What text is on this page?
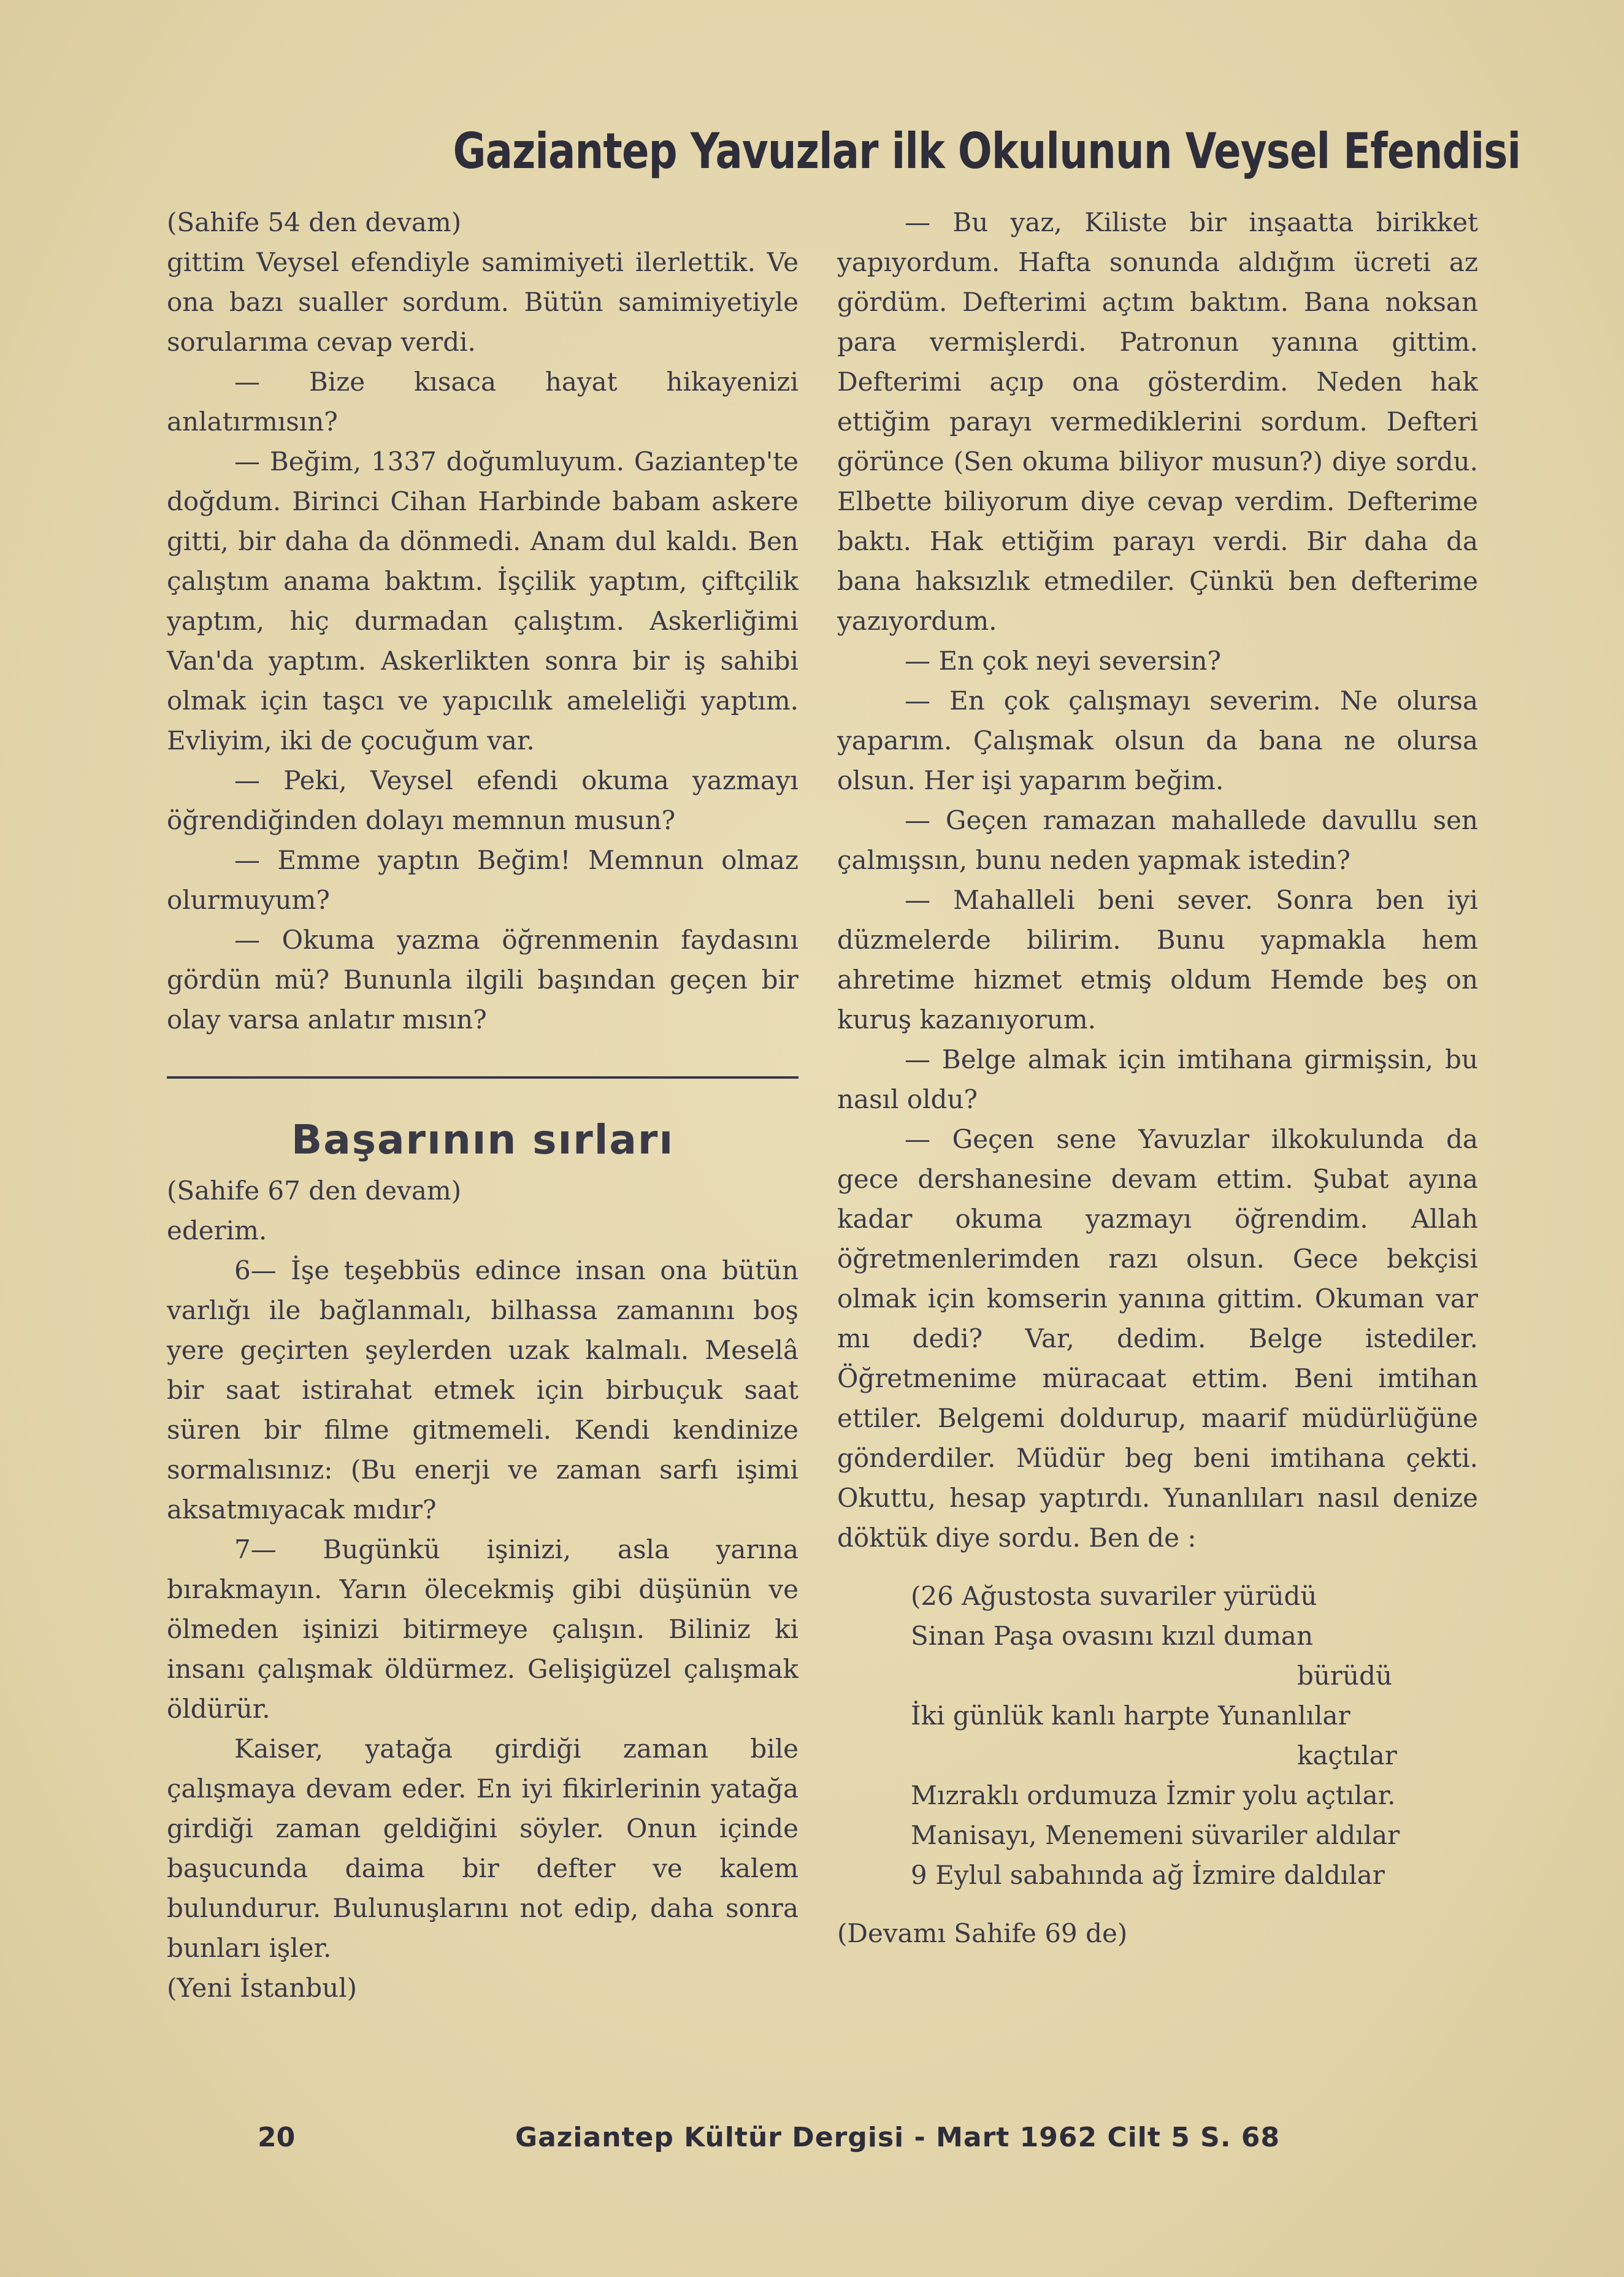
Gaziantep Yavuzlar ilk Okulunun Veysel Efendisi

(Sahife 54 den devam)

gittim Veysel efendiyle samimiyeti ilerlettik. Ve ona bazı sualler sordum. Bütün samimiyetiyle sorularıma cevap verdi.

— Bize kısaca hayat hikayenizi anlatırmısın?

— Beğim, 1337 doğumluyum. Gaziantep'te doğdum. Birinci Cihan Harbinde babam askere gitti, bir daha da dönmedi. Anam dul kaldı. Ben çalıştım anama baktım. İşçilik yaptım, çiftçilik yaptım, hiç durmadan çalıştım. Askerliğimi Van'da yaptım. Askerlikten sonra bir iş sahibi olmak için taşcı ve yapıcılık ameleliği yaptım. Evliyim, iki de çocuğum var.

— Peki, Veysel efendi okuma yazmayı öğrendiğinden dolayı memnun musun?

— Emme yaptın Beğim! Memnun olmaz olurmuyum?

— Okuma yazma öğrenmenin faydasını gördün mü? Bununla ilgili başından geçen bir olay varsa anlatır mısın?

Başarının sırları

(Sahife 67 den devam)

ederim.

6— İşe teşebbüs edince insan ona bütün varlığı ile bağlanmalı, bilhassa zamanını boş yere geçirten şeylerden uzak kalmalı. Meselâ bir saat istirahat etmek için birbuçuk saat süren bir filme gitmemeli. Kendi kendinize sormalısınız: (Bu enerji ve zaman sarfı işimi aksatmıyacak mıdır?

7— Bugünkü işinizi, asla yarına bırakmayın. Yarın ölecekmiş gibi düşünün ve ölmeden işinizi bitirmeye çalışın. Biliniz ki insanı çalışmak öldürmez. Gelişigüzel çalışmak öldürür.

Kaiser, yatağa girdiği zaman bile çalışmaya devam eder. En iyi fikirlerinin yatağa girdiği zaman geldiğini söyler. Onun içinde başucunda daima bir defter ve kalem bulundurur. Bulunuşlarını not edip, daha sonra bunları işler.

(Yeni İstanbul)

— Bu yaz, Kiliste bir inşaatta birikket yapıyordum. Hafta sonunda aldığım ücreti az gördüm. Defterimi açtım baktım. Bana noksan para vermişlerdi. Patronun yanına gittim. Defterimi açıp ona gösterdim. Neden hak ettiğim parayı vermediklerini sordum. Defteri görünce (Sen okuma biliyor musun?) diye sordu. Elbette biliyorum diye cevap verdim. Defterime baktı. Hak ettiğim parayı verdi. Bir daha da bana haksızlık etmediler. Çünkü ben defterime yazıyordum.

— En çok neyi seversin?

— En çok çalışmayı severim. Ne olursa yaparım. Çalışmak olsun da bana ne olursa olsun. Her işi yaparım beğim.

— Geçen ramazan mahallede davullu sen çalmışsın, bunu neden yapmak istedin?

— Mahalleli beni sever. Sonra ben iyi düzmelerde bilirim. Bunu yapmakla hem ahretime hizmet etmiş oldum Hemde beş on kuruş kazanıyorum.

— Belge almak için imtihana girmişsin, bu nasıl oldu?

— Geçen sene Yavuzlar ilkokulunda da gece dershanesine devam ettim. Şubat ayına kadar okuma yazmayı öğrendim. Allah öğretmenlerimden razı olsun. Gece bekçisi olmak için komserin yanına gittim. Okuman var mı dedi? Var, dedim. Belge istediler. Öğretmenime müracaat ettim. Beni imtihan ettiler. Belgemi doldurup, maarif müdürlüğüne gönderdiler. Müdür beg beni imtihana çekti. Okuttu, hesap yaptırdı. Yunanlıları nasıl denize döktük diye sordu. Ben de :

(26 Ağustosta suvariler yürüdü
Sinan Paşa ovasını kızıl duman
bürüdü
İki günlük kanlı harpte Yunanlılar
kaçtılar
Mızraklı ordumuza İzmir yolu açtılar.
Manisayı, Menemeni süvariler aldılar
9 Eylul sabahında ağ İzmire daldılar

(Devamı Sahife 69 de)

20	Gaziantep Kültür Dergisi - Mart 1962 Cilt 5 S. 68
